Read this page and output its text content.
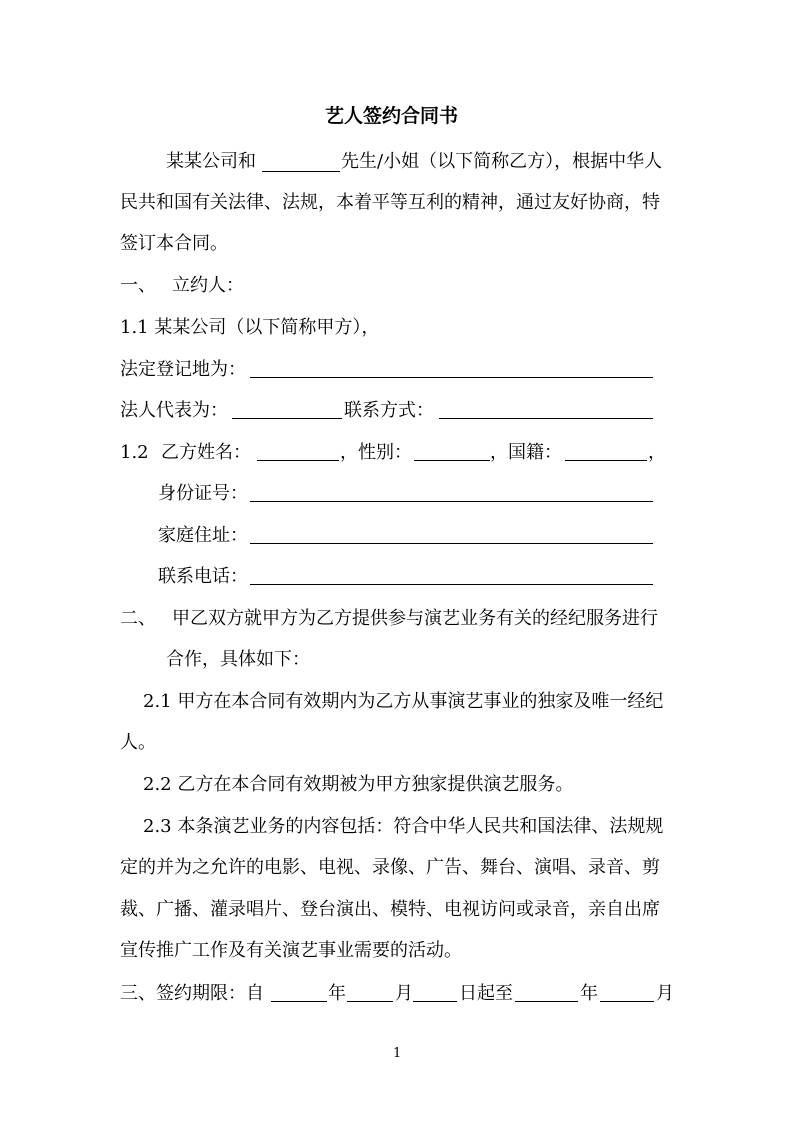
艺人签约合同书
某某公司和	先生/小姐（以下简称乙方），根据中华人
民共和国有关法律、法规，本着平等互利的精神，通过友好协商，特
签订本合同。
一、 立约人：
1.1 某某公司（以下简称甲方），
法定登记地为：
法人代表为：	联系方式：
1.2 乙方姓名：	，性别：	，国籍：	，
身份证号：
家庭住址：
联系电话：
二、 甲乙双方就甲方为乙方提供参与演艺业务有关的经纪服务进行
合作，具体如下：
2.1 甲方在本合同有效期内为乙方从事演艺事业的独家及唯一经纪
人。
2.2 乙方在本合同有效期被为甲方独家提供演艺服务。
2.3 本条演艺业务的内容包括：符合中华人民共和国法律、法规规
定的并为之允许的电影、电视、录像、广告、舞台、演唱、录音、剪
裁、广播、灌录唱片、登台演出、模特、电视访问或录音，亲自出席
宣传推广工作及有关演艺事业需要的活动。
三、签约期限：自	年	月	日起至	年	月
1
